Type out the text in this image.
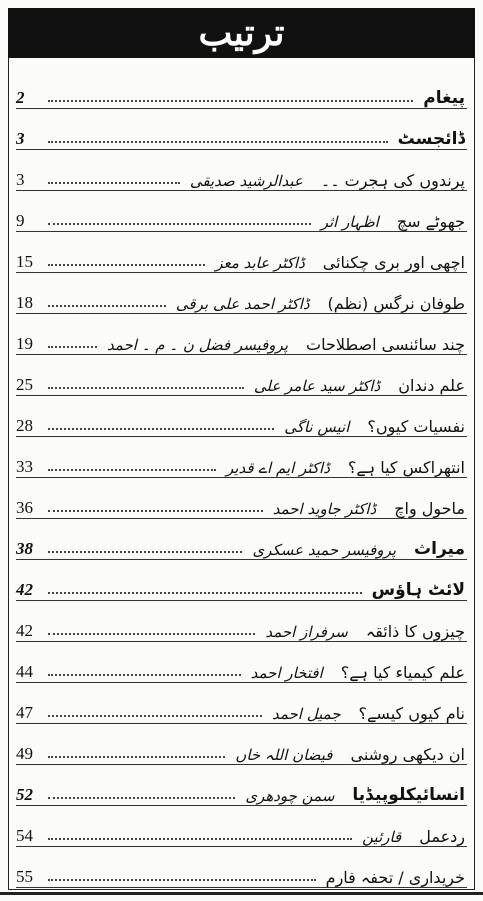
ترتیب
پیغام
2
ڈائجسٹ
3
پرندوں کی ہجرت ۔۔
عبدالرشید صدیقی
3
جھوٹے سچ
اظہار اثر
9
اچھی اور بری چکنائی
ڈاکٹر عابد معز
15
طوفان نرگس (نظم)
ڈاکٹر احمد علی برقی
18
چند سائنسی اصطلاحات
پروفیسر فضل ن ۔ م ۔ احمد
19
علم دندان
ڈاکٹر سید عامر علی
25
نفسیات کیوں؟
انیس ناگی
28
انتھراکس کیا ہے؟
ڈاکٹر ایم اے قدیر
33
ماحول واچ
ڈاکٹر جاوید احمد
36
میراث
پروفیسر حمید عسکری
38
لائٹ ہاؤس
42
چیزوں کا ذائقہ
سرفراز احمد
42
علم کیمیاء کیا ہے؟
افتخار احمد
44
نام کیوں کیسے؟
جمیل احمد
47
ان دیکھی روشنی
فیضان اللہ خاں
49
انسائیکلوپیڈیا
سمن چودھری
52
ردعمل
قارئین
54
خریداری / تحفہ فارم
55
